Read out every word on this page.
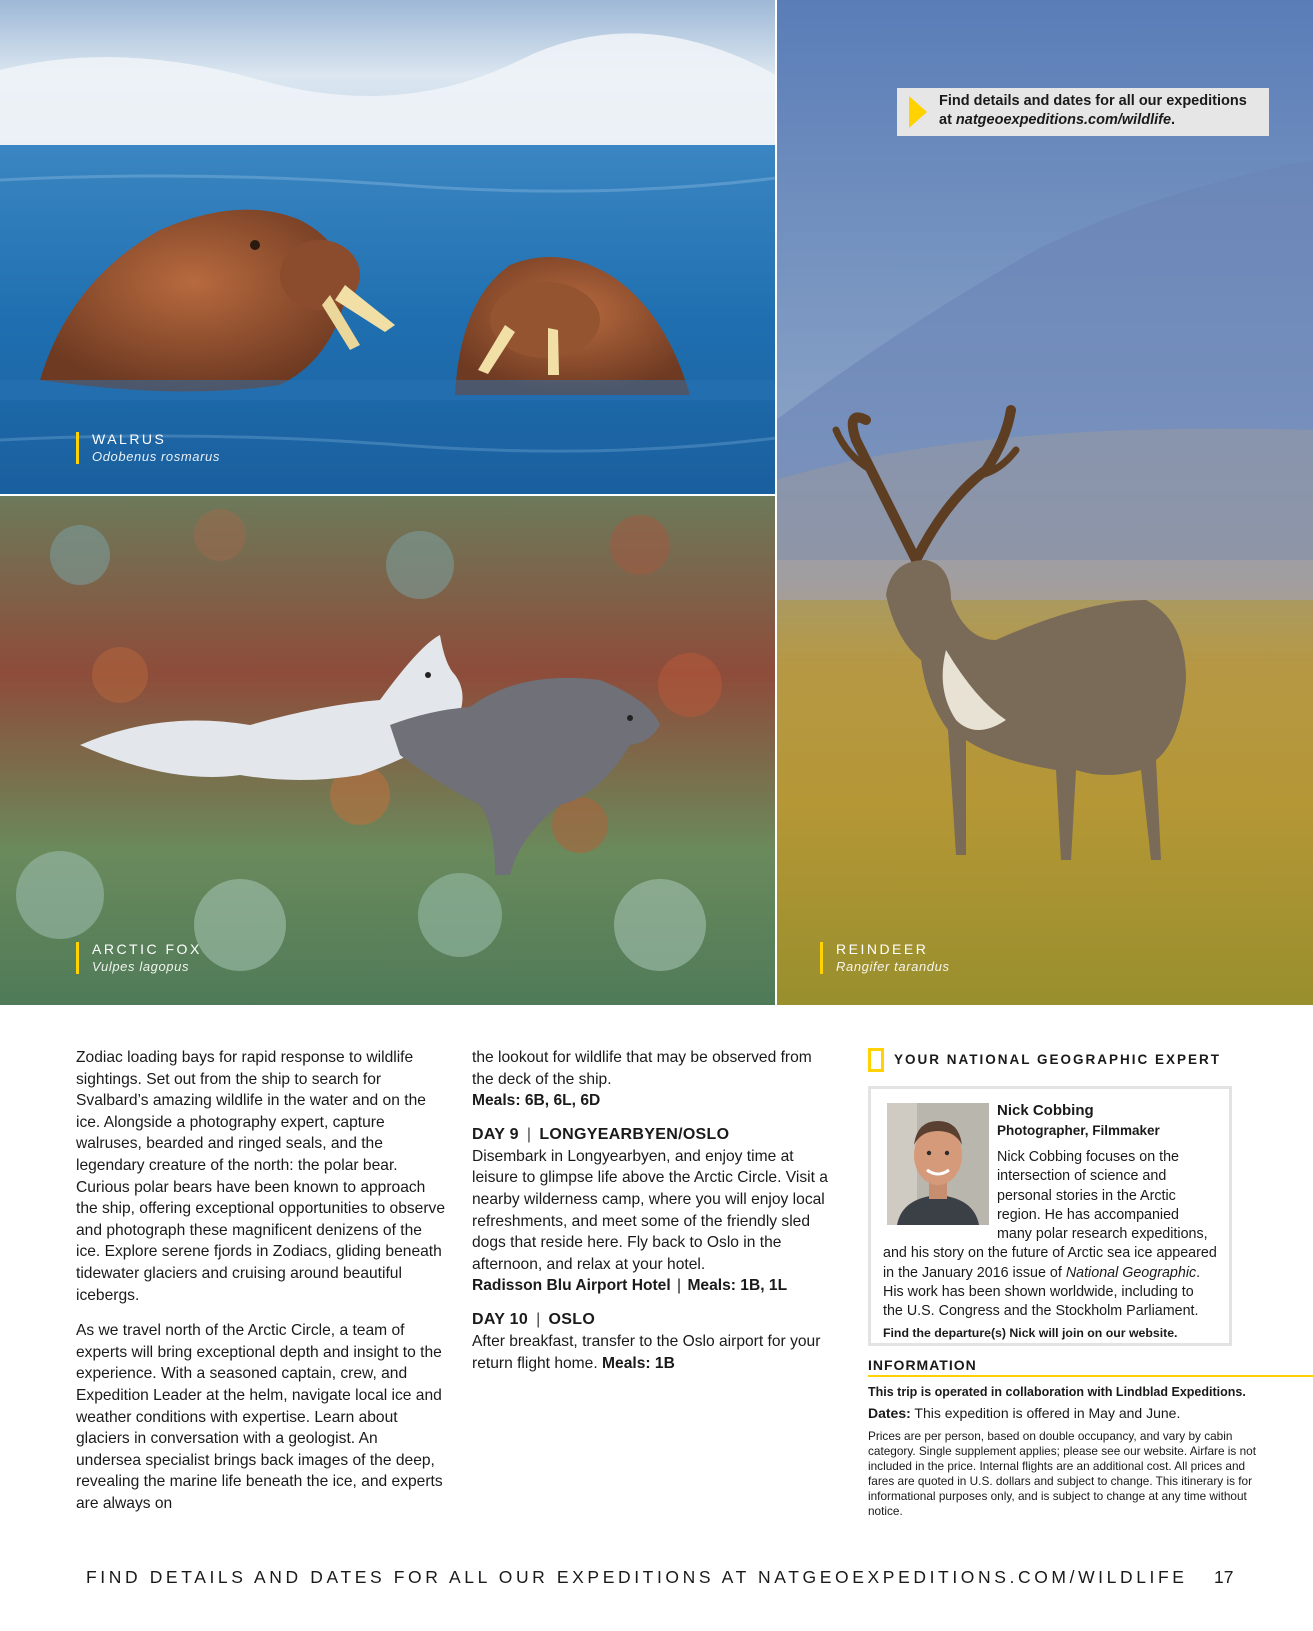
WALRUS
Odobenus rosmarus
ARCTIC FOX
Vulpes lagopus
REINDEER
Rangifer tarandus
Find details and dates for all our expeditions
at natgeoexpeditions.com/wildlife.

Zodiac loading bays for rapid response to wildlife sightings. Set out from the ship to search for Svalbard’s amazing wildlife in the water and on the ice. Alongside a photography expert, capture walruses, bearded and ringed seals, and the legendary creature of the north: the polar bear. Curious polar bears have been known to approach the ship, offering exceptional opportunities to observe and photograph these magnificent denizens of the ice. Explore serene fjords in Zodiacs, gliding beneath tidewater glaciers and cruising around beautiful icebergs.

As we travel north of the Arctic Circle, a team of experts will bring exceptional depth and insight to the experience. With a seasoned captain, crew, and Expedition Leader at the helm, navigate local ice and weather conditions with expertise. Learn about glaciers in conversation with a geologist. An undersea specialist brings back images of the deep, revealing the marine life beneath the ice, and experts are always on

the lookout for wildlife that may be observed from the deck of the ship.
Meals: 6B, 6L, 6D
DAY 9 | LONGYEARBYEN/OSLO
Disembark in Longyearbyen, and enjoy time at leisure to glimpse life above the Arctic Circle. Visit a nearby wilderness camp, where you will enjoy local refreshments, and meet some of the friendly sled dogs that reside here. Fly back to Oslo in the afternoon, and relax at your hotel.
Radisson Blu Airport Hotel | Meals: 1B, 1L
DAY 10 | OSLO
After breakfast, transfer to the Oslo airport for your return flight home. Meals: 1B
YOUR NATIONAL GEOGRAPHIC EXPERT
Nick Cobbing
Photographer, Filmmaker
Nick Cobbing focuses on the intersection of science and personal stories in the Arctic region. He has accompanied many polar research expeditions, and his story on the future of Arctic sea ice appeared in the January 2016 issue of National Geographic. His work has been shown worldwide, including to the U.S. Congress and the Stockholm Parliament.
Find the departure(s) Nick will join on our website.
INFORMATION
This trip is operated in collaboration with Lindblad Expeditions.
Dates: This expedition is offered in May and June.
Prices are per person, based on double occupancy, and vary by cabin category. Single supplement applies; please see our website. Airfare is not included in the price. Internal flights are an additional cost. All prices and fares are quoted in U.S. dollars and subject to change. This itinerary is for informational purposes only, and is subject to change at any time without notice.
FIND DETAILS AND DATES FOR ALL OUR EXPEDITIONS AT NATGEOEXPEDITIONS.COM/WILDLIFE 17
